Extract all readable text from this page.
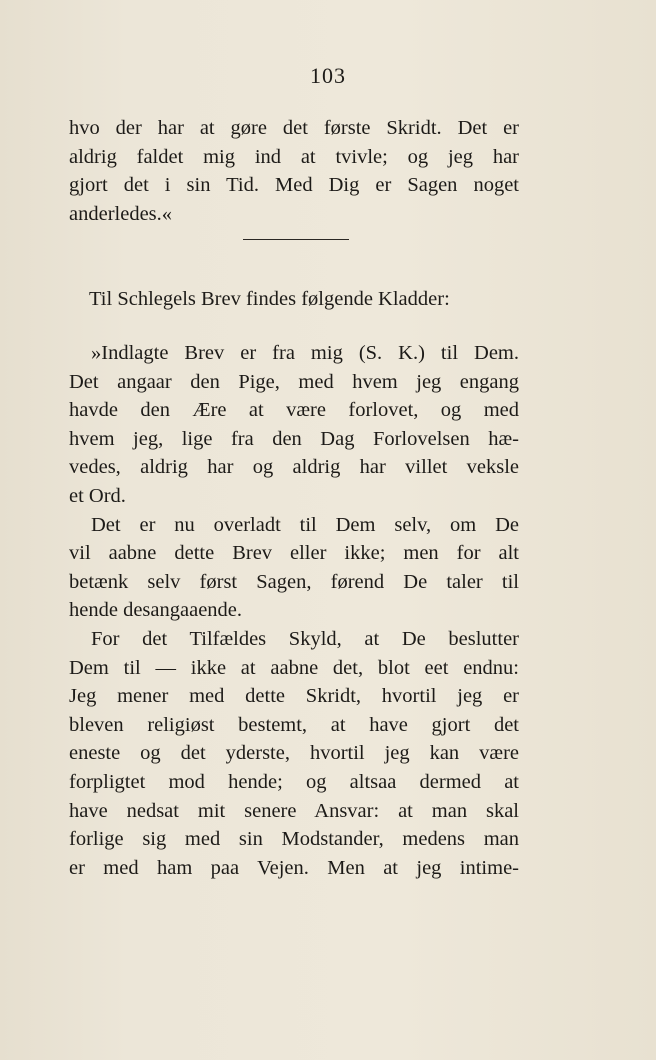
103
hvo der har at gøre det første Skridt. Det er
aldrig faldet mig ind at tvivle; og jeg har
gjort det i sin Tid. Med Dig er Sagen noget
anderledes.«
Til Schlegels Brev findes følgende Kladder:
»Indlagte Brev er fra mig (S. K.) til Dem.
Det angaar den Pige, med hvem jeg engang
havde den Ære at være forlovet, og med
hvem jeg, lige fra den Dag Forlovelsen hæ-
vedes, aldrig har og aldrig har villet veksle
et Ord.
Det er nu overladt til Dem selv, om De
vil aabne dette Brev eller ikke; men for alt
betænk selv først Sagen, førend De taler til
hende desangaaende.
For det Tilfældes Skyld, at De beslutter
Dem til — ikke at aabne det, blot eet endnu:
Jeg mener med dette Skridt, hvortil jeg er
bleven religiøst bestemt, at have gjort det
eneste og det yderste, hvortil jeg kan være
forpligtet mod hende; og altsaa dermed at
have nedsat mit senere Ansvar: at man skal
forlige sig med sin Modstander, medens man
er med ham paa Vejen. Men at jeg intime-
